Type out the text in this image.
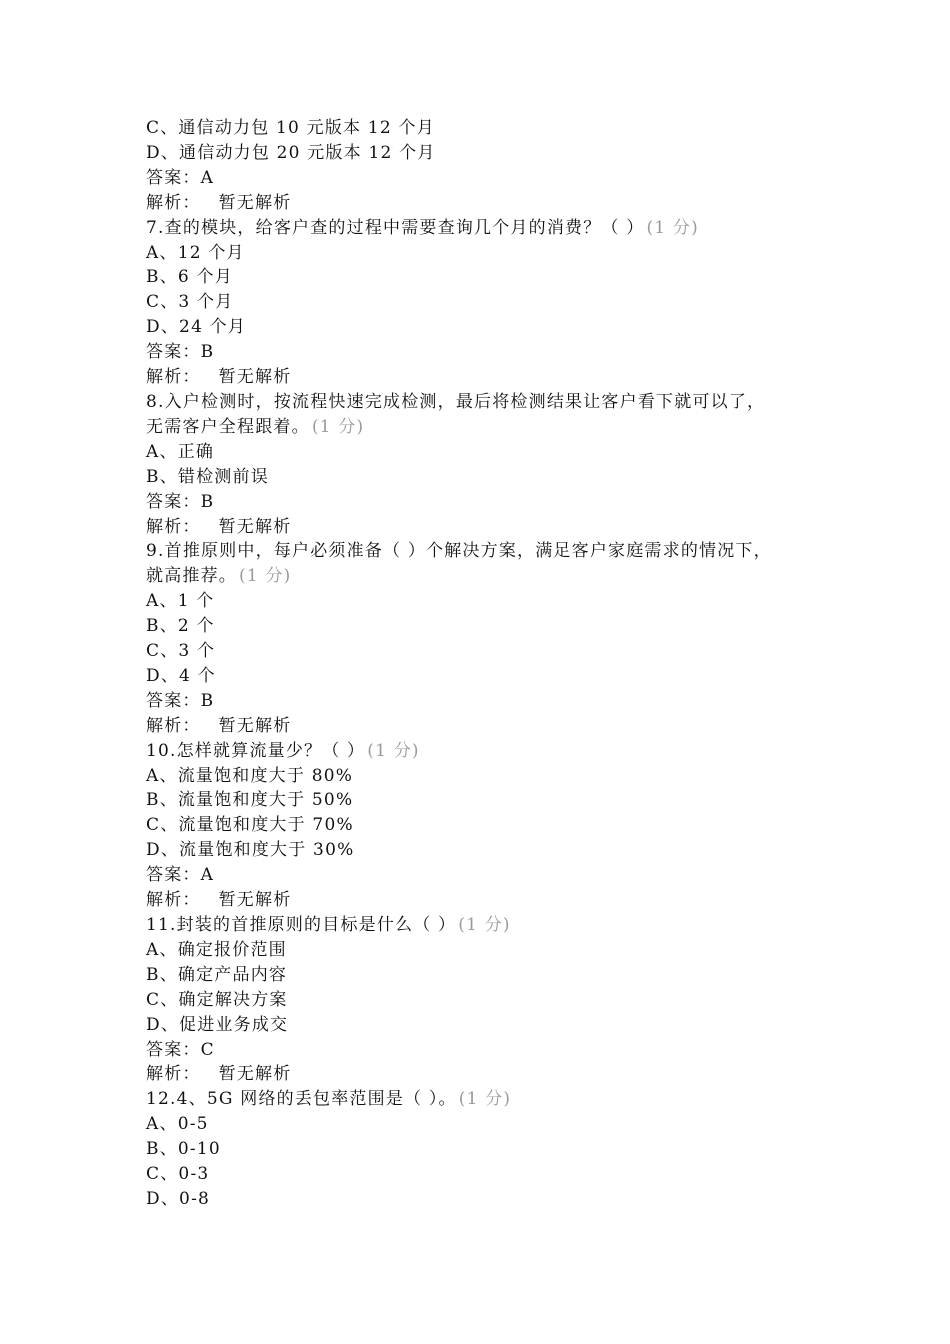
C、通信动力包 10 元版本 12 个月
D、通信动力包 20 元版本 12 个月
答案：A
解析： 暂无解析
7.查的模块，给客户查的过程中需要查询几个月的消费？（ ） (1 分)
A、12 个月
B、6 个月
C、3 个月
D、24 个月
答案：B
解析： 暂无解析
8.入户检测时，按流程快速完成检测，最后将检测结果让客户看下就可以了，
无需客户全程跟着。 (1 分)
A、正确
B、错检测前误
答案：B
解析： 暂无解析
9.首推原则中，每户必须准备（ ）个解决方案，满足客户家庭需求的情况下，
就高推荐。 (1 分)
A、1 个
B、2 个
C、3 个
D、4 个
答案：B
解析： 暂无解析
10.怎样就算流量少？（ ） (1 分)
A、流量饱和度大于 80%
B、流量饱和度大于 50%
C、流量饱和度大于 70%
D、流量饱和度大于 30%
答案：A
解析： 暂无解析
11.封装的首推原则的目标是什么（ ） (1 分)
A、确定报价范围
B、确定产品内容
C、确定解决方案
D、促进业务成交
答案：C
解析： 暂无解析
12.4、5G 网络的丢包率范围是（ ）。 (1 分)
A、0-5
B、0-10
C、0-3
D、0-8
